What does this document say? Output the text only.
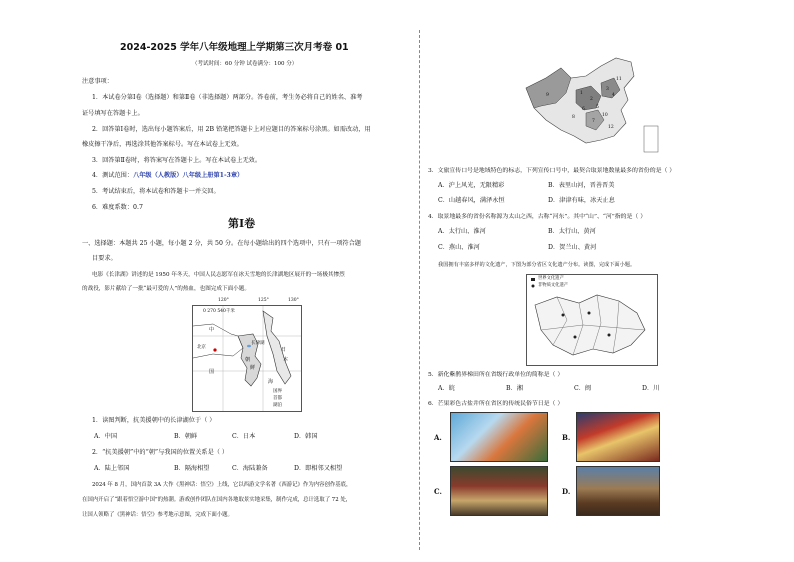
2024-2025 学年八年级地理上学期第三次月考卷 01
（考试时间：60 分钟 试卷满分：100 分）
注意事项：
1．本试卷分第Ⅰ卷（选择题）和第Ⅱ卷（非选择题）两部分。答卷前，考生务必将自己的姓名、准考
证号填写在答题卡上。
2．回答第Ⅰ卷时，选出每小题答案后，用 2B 铅笔把答题卡上对应题目的答案标号涂黑。如需改动，用
橡皮擦干净后，再选涂其他答案标号。写在本试卷上无效。
3．回答第Ⅱ卷时，将答案写在答题卡上。写在本试卷上无效。
4．测试范围：八年级（人教版）八年级上册第1-3章）
5．考试结束后，将本试卷和答题卡一并交回。
6．难度系数：0.7
第Ⅰ卷
一、选择题：本题共 25 小题，每小题 2 分，共 50 分。在每小题给出的四个选项中，只有一项符合题
目要求。
电影《长津湖》讲述的是 1950 年冬天，中国人民志愿军在冰天雪地的长津湖地区展开的一场极其惨烈
的战役，影片献给了一批“最可爱的人”的热血，也图完成下面小题。
0 270 540千米
120°	125°	130°
中
国
朝
鲜
日
本
海
北京
长津湖
国界
首都
湖泊
1．读图判断，抗美援朝中的长津湖位于（ ）
A．中国	B．朝鲜	C．日本	D．韩国
2．“抗美援朝”中的“朝”与我国的位置关系是（ ）
A．陆上邻国	B．隔海相望	C．海陆兼备	D．即相邻又相望
2024 年 8 月，国内首款 3A 大作《黑神话：悟空》上线，它以西游文学名著《西游记》作为内容创作基底，
在国内开启了“跟着悟空游中国”的热潮。游戏创作团队在国内各地取景实地采集，制作完成，总计选取了 72 处，
让国人领略了《黑神话：悟空》参考地示意图，完成下面小题。
1
2
3
4
5
6
7
8
9
10
11
12
3．文旅宣传口号是地域特色的标志，下列宣传口号中，最契合取景地数量最多的省份的是（ ）
A．沪上风光，无限精彩	B．表里山河，晋善晋美
C．山越春风，满泽永恒	D．津津有味，冰天止息
4．取景地最多的省份名称源为太山之西，古称“河东”。其中“山”、“河”指的是（ ）
A．太行山、淮河	B．太行山、黄河
C．燕山、淮河	D．贺兰山、黄河
我国拥有丰富多样的文化遗产，下图为部分省区文化遗产分布。读图，完成下面小题。
世界文化遗产
非物质文化遗产
5．新化紫鹊界梯田所在省级行政单位的简称是（ ）
A．皖	B．湘	C．闽	D．川
6．芒果彩色古盐井所在省区的传统民俗节日是（ ）
A.	B.
C.	D.
